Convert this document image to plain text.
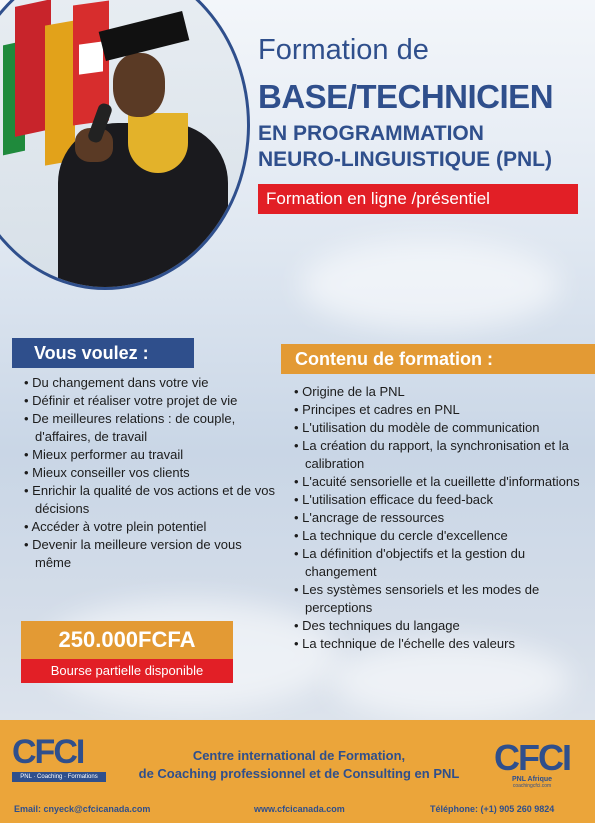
Formation de
BASE/TECHNICIEN
EN PROGRAMMATION
NEURO-LINGUISTIQUE (PNL)
Formation en ligne /présentiel
Vous voulez :
• Du changement dans votre vie
• Définir et réaliser votre projet de vie
• De meilleures relations : de couple, d'affaires, de travail
• Mieux performer au travail
• Mieux conseiller vos clients
• Enrichir la qualité de vos actions et de vos décisions
• Accéder à votre plein potentiel
• Devenir la meilleure version de vous même
Contenu de formation :
• Origine de la PNL
• Principes et cadres en PNL
• L'utilisation du modèle de communication
• La création du rapport, la synchronisation et la calibration
• L'acuité sensorielle et la cueillette d'informations
• L'utilisation efficace du feed-back
• L'ancrage de ressources
• La technique du cercle d'excellence
• La définition d'objectifs et la gestion du changement
• Les systèmes sensoriels et les modes de perceptions
• Des techniques du langage
• La technique de l'échelle des valeurs
250.000FCFA
Bourse partielle disponible
CFCI
PNL · Coaching · Formations
Centre international de Formation,
de Coaching professionnel et de Consulting en PNL CFCI
PNL Afrique
coachingcfci.com
Email: cnyeck@cfcicanada.com	www.cfcicanada.com	Téléphone: (+1) 905 260 9824
